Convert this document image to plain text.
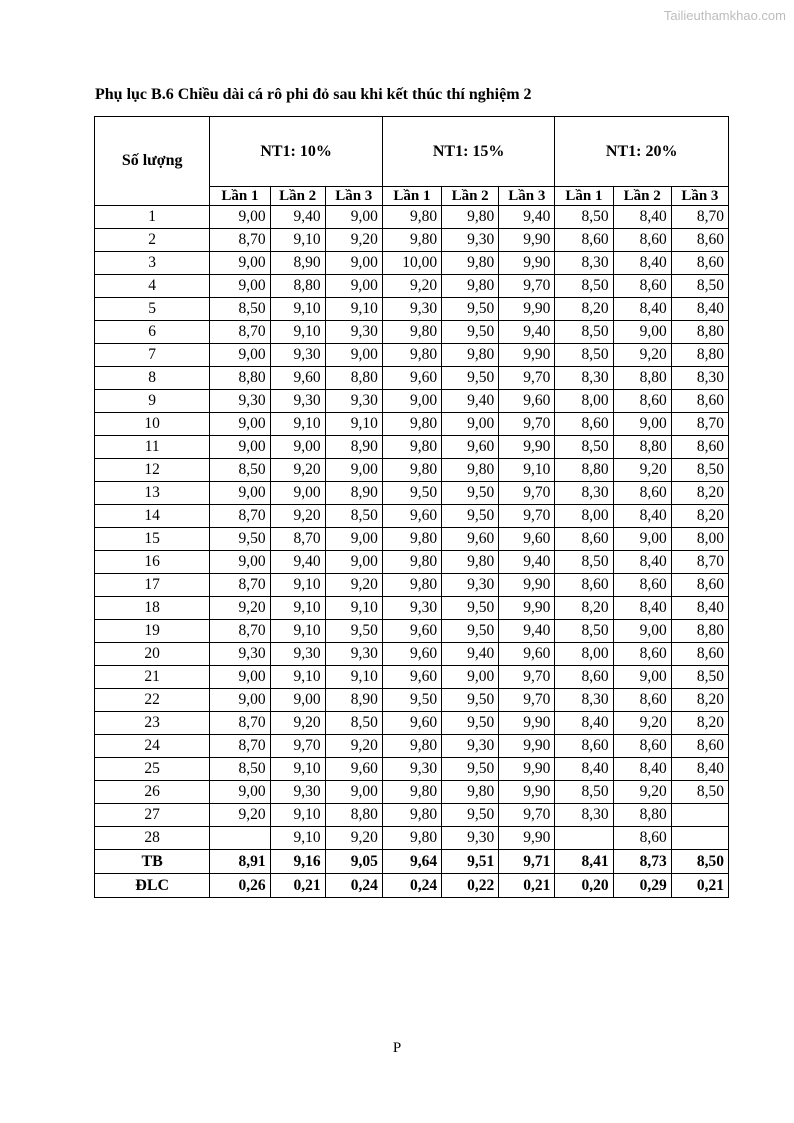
Tailieuthamkhao.com
Phụ lục B.6 Chiều dài cá rô phi đỏ sau khi kết thúc thí nghiệm 2
Số lượng	NT1: 10%			NT1: 15%			NT1: 20%		
	Lần 1	Lần 2	Lần 3	Lần 1	Lần 2	Lần 3	Lần 1	Lần 2	Lần 3
1	9,00	9,40	9,00	9,80	9,80	9,40	8,50	8,40	8,70
2	8,70	9,10	9,20	9,80	9,30	9,90	8,60	8,60	8,60
3	9,00	8,90	9,00	10,00	9,80	9,90	8,30	8,40	8,60
4	9,00	8,80	9,00	9,20	9,80	9,70	8,50	8,60	8,50
5	8,50	9,10	9,10	9,30	9,50	9,90	8,20	8,40	8,40
6	8,70	9,10	9,30	9,80	9,50	9,40	8,50	9,00	8,80
7	9,00	9,30	9,00	9,80	9,80	9,90	8,50	9,20	8,80
8	8,80	9,60	8,80	9,60	9,50	9,70	8,30	8,80	8,30
9	9,30	9,30	9,30	9,00	9,40	9,60	8,00	8,60	8,60
10	9,00	9,10	9,10	9,80	9,00	9,70	8,60	9,00	8,70
11	9,00	9,00	8,90	9,80	9,60	9,90	8,50	8,80	8,60
12	8,50	9,20	9,00	9,80	9,80	9,10	8,80	9,20	8,50
13	9,00	9,00	8,90	9,50	9,50	9,70	8,30	8,60	8,20
14	8,70	9,20	8,50	9,60	9,50	9,70	8,00	8,40	8,20
15	9,50	8,70	9,00	9,80	9,60	9,60	8,60	9,00	8,00
16	9,00	9,40	9,00	9,80	9,80	9,40	8,50	8,40	8,70
17	8,70	9,10	9,20	9,80	9,30	9,90	8,60	8,60	8,60
18	9,20	9,10	9,10	9,30	9,50	9,90	8,20	8,40	8,40
19	8,70	9,10	9,50	9,60	9,50	9,40	8,50	9,00	8,80
20	9,30	9,30	9,30	9,60	9,40	9,60	8,00	8,60	8,60
21	9,00	9,10	9,10	9,60	9,00	9,70	8,60	9,00	8,50
22	9,00	9,00	8,90	9,50	9,50	9,70	8,30	8,60	8,20
23	8,70	9,20	8,50	9,60	9,50	9,90	8,40	9,20	8,20
24	8,70	9,70	9,20	9,80	9,30	9,90	8,60	8,60	8,60
25	8,50	9,10	9,60	9,30	9,50	9,90	8,40	8,40	8,40
26	9,00	9,30	9,00	9,80	9,80	9,90	8,50	9,20	8,50
27	9,20	9,10	8,80	9,80	9,50	9,70	8,30	8,80	
28		9,10	9,20	9,80	9,30	9,90		8,60	
TB	8,91	9,16	9,05	9,64	9,51	9,71	8,41	8,73	8,50
ĐLC	0,26	0,21	0,24	0,24	0,22	0,21	0,20	0,29	0,21
P
